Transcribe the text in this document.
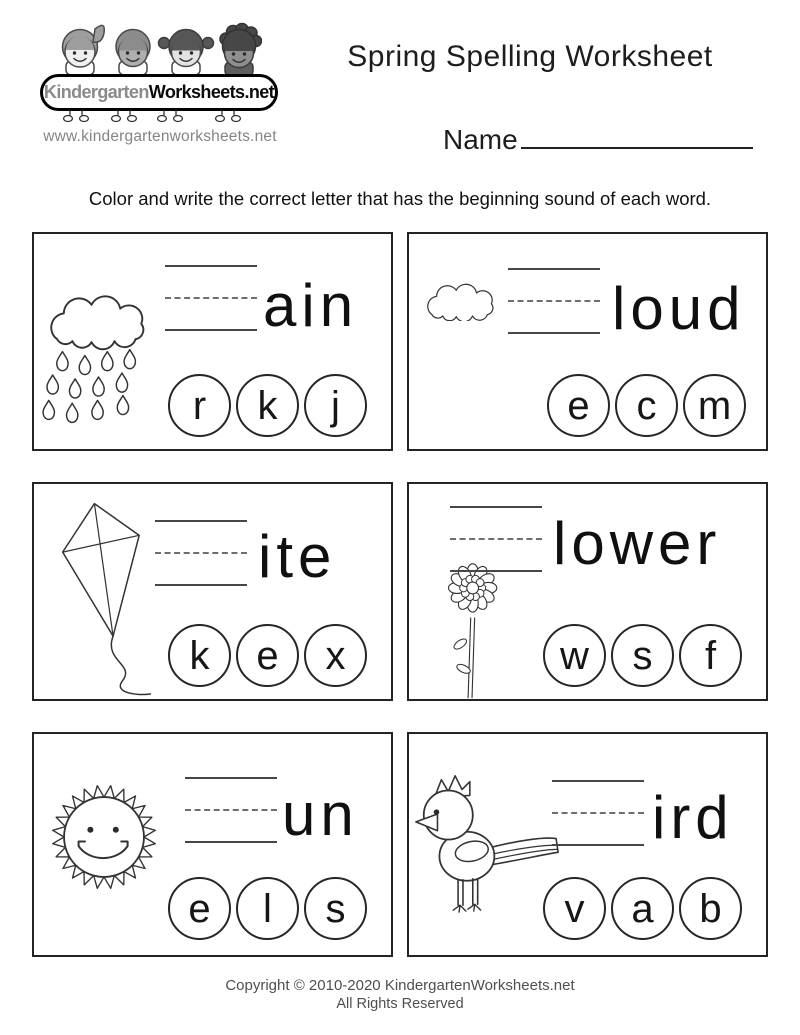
Kindergarten Worksheets.net
www.kindergartenworksheets.net
Spring Spelling Worksheet
Name
Color and write the correct letter that has the beginning sound of each word.
ain
r k j
loud
e c m
ite
k e x
lower
w s f
un
e l s
ird
v a b
Copyright © 2010-2020 KindergartenWorksheets.net
All Rights Reserved
